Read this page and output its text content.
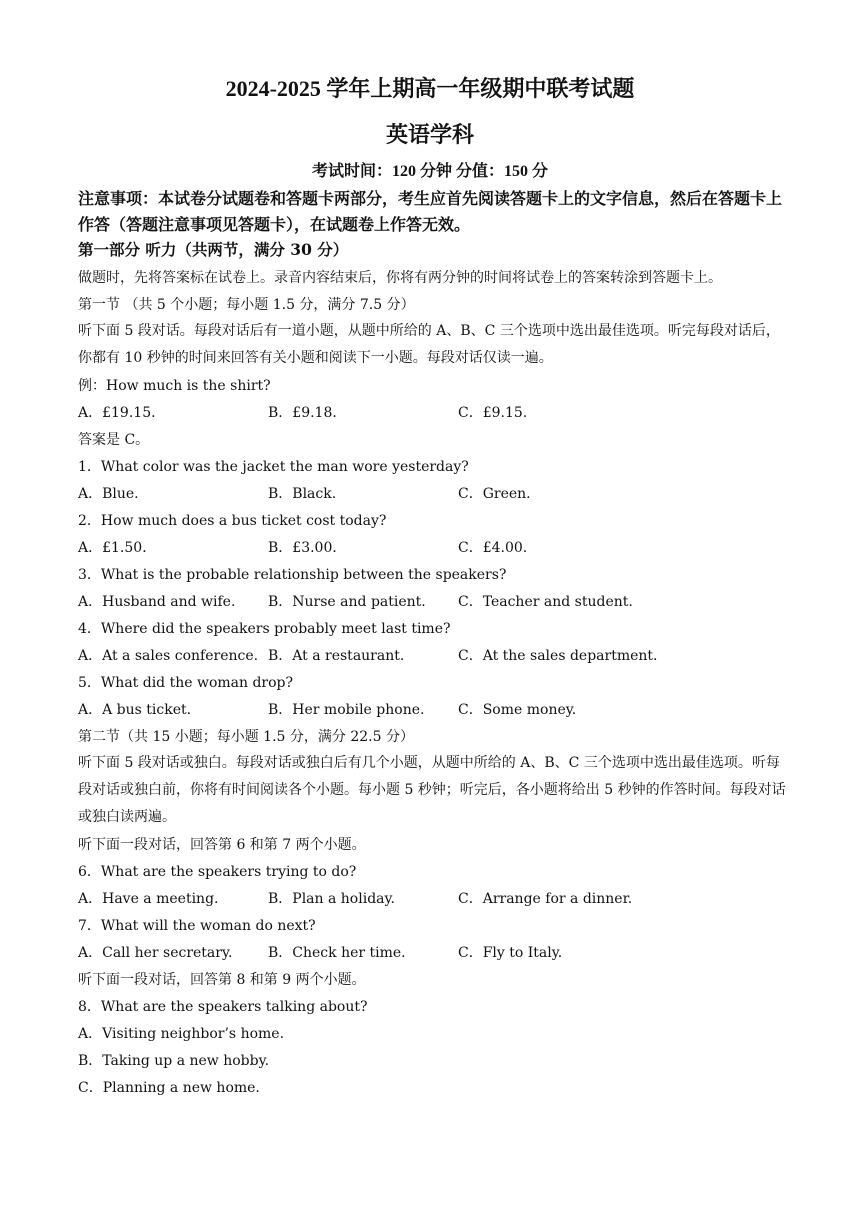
2024-2025 学年上期高一年级期中联考试题
英语学科
考试时间：120 分钟 分值：150 分
注意事项：本试卷分试题卷和答题卡两部分，考生应首先阅读答题卡上的文字信息，然后在答题卡上作答（答题注意事项见答题卡），在试题卷上作答无效。
第一部分 听力（共两节，满分 30 分）
做题时，先将答案标在试卷上。录音内容结束后，你将有两分钟的时间将试卷上的答案转涂到答题卡上。
第一节 （共 5 个小题；每小题 1.5 分，满分 7.5 分）
听下面 5 段对话。每段对话后有一道小题，从题中所给的 A、B、C 三个选项中选出最佳选项。听完每段对话后，你都有 10 秒钟的时间来回答有关小题和阅读下一小题。每段对话仅读一遍。
例：How much is the shirt?
A．£19.15．	B．£9.18．	C．£9.15.
答案是 C。
1．What color was the jacket the man wore yesterday?
A．Blue.	B．Black.	C．Green.
2．How much does a bus ticket cost today?
A．£1.50．	B．£3.00．	C．£4.00.
3．What is the probable relationship between the speakers?
A．Husband and wife. B．Nurse and patient. C．Teacher and student.
4．Where did the speakers probably meet last time?
A．At a sales conference. B．At a restaurant.	C．At the sales department.
5．What did the woman drop?
A．A bus ticket.	B．Her mobile phone. C．Some money.
第二节（共 15 小题；每小题 1.5 分，满分 22.5 分）
听下面 5 段对话或独白。每段对话或独白后有几个小题，从题中所给的 A、B、C 三个选项中选出最佳选项。听每段对话或独白前，你将有时间阅读各个小题。每小题 5 秒钟；听完后，各小题将给出 5 秒钟的作答时间。每段对话或独白读两遍。
听下面一段对话，回答第 6 和第 7 两个小题。
6．What are the speakers trying to do?
A．Have a meeting.	B．Plan a holiday.	C．Arrange for a dinner.
7．What will the woman do next?
A．Call her secretary.	B．Check her time.	C．Fly to Italy.
听下面一段对话，回答第 8 和第 9 两个小题。
8．What are the speakers talking about?
A．Visiting neighbor’s home.
B．Taking up a new hobby.
C．Planning a new home.
